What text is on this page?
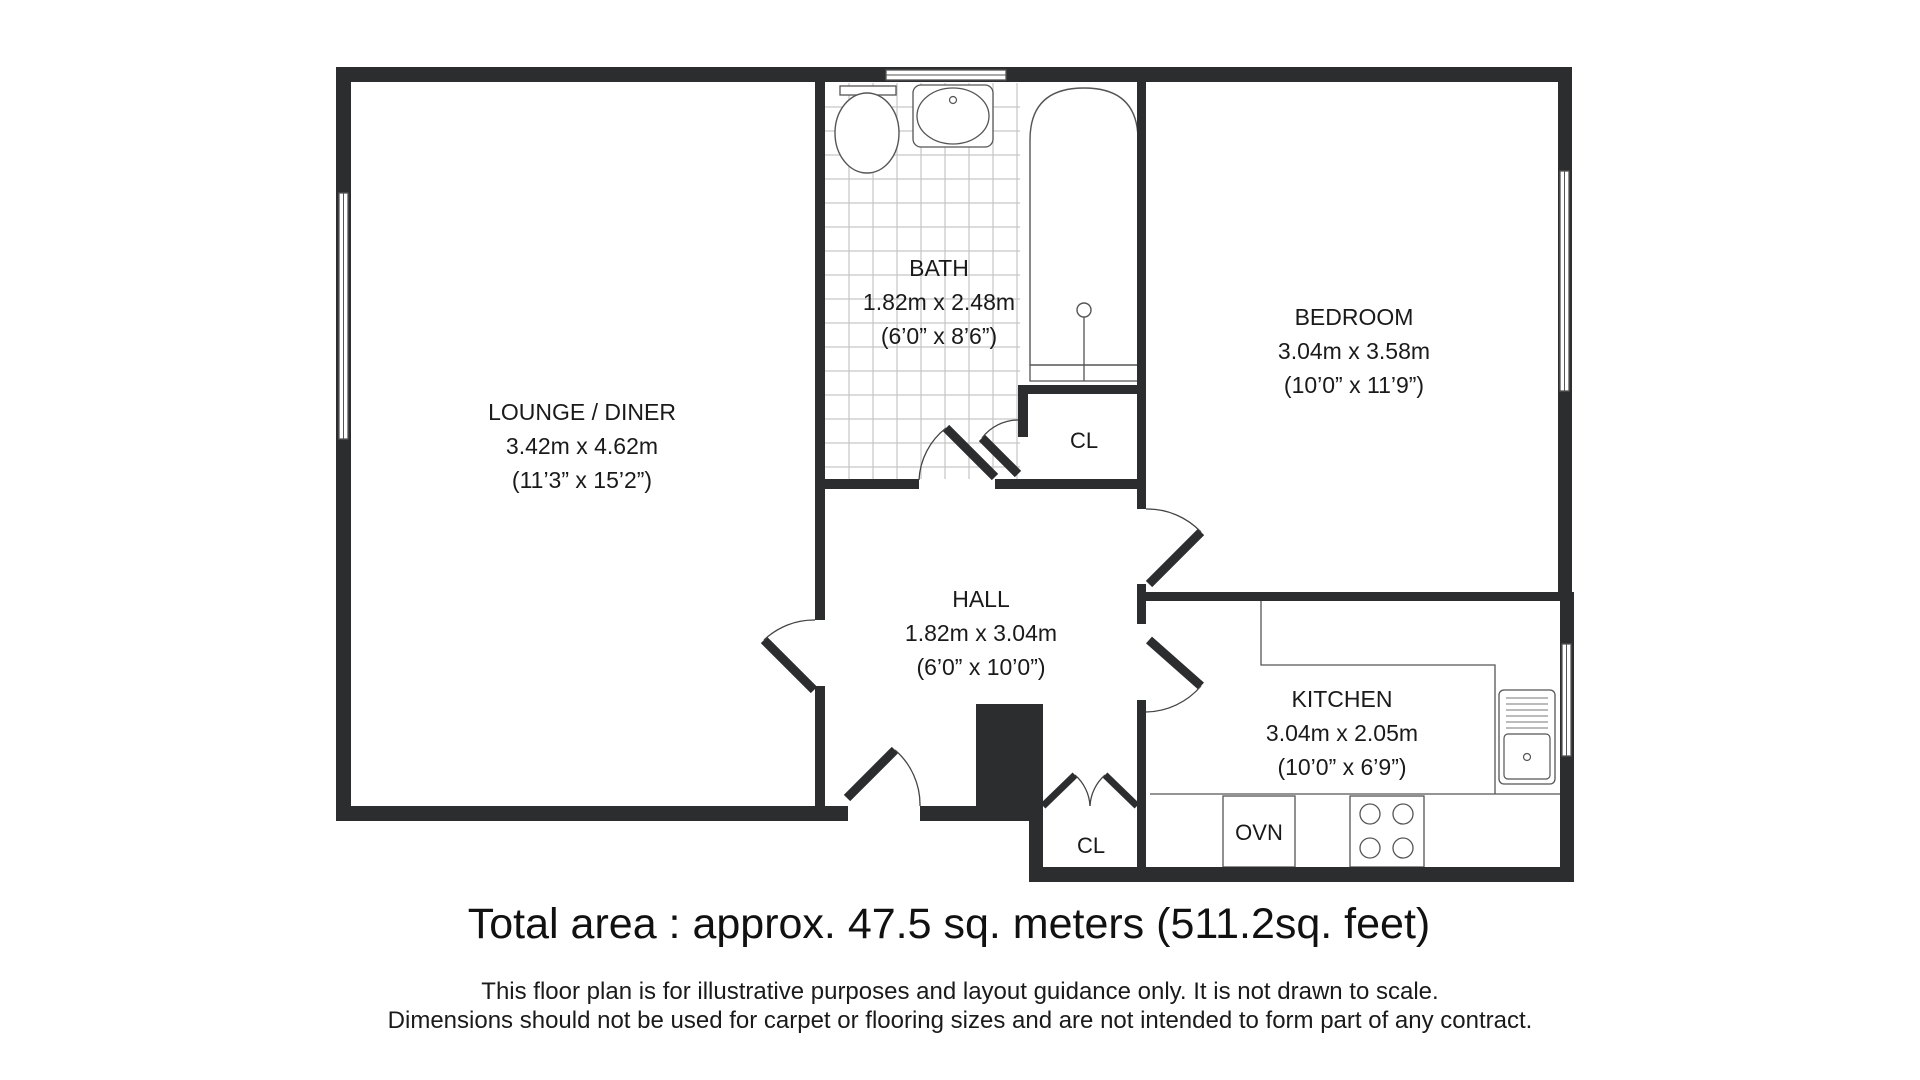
LOUNGE / DINER
3.42m x 4.62m
(11’3” x 15’2”)
BATH
1.82m x 2.48m
(6’0” x 8’6”)
BEDROOM
3.04m x 3.58m
(10’0” x 11’9”)
HALL
1.82m x 3.04m
(6’0” x 10’0”)
KITCHEN
3.04m x 2.05m
(10’0” x 6’9”)
CL
CL
OVN
Total area : approx. 47.5 sq. meters (511.2sq. feet)
This floor plan is for illustrative purposes and layout guidance only. It is not drawn to scale.
Dimensions should not be used for carpet or flooring sizes and are not intended to form part of any contract.
